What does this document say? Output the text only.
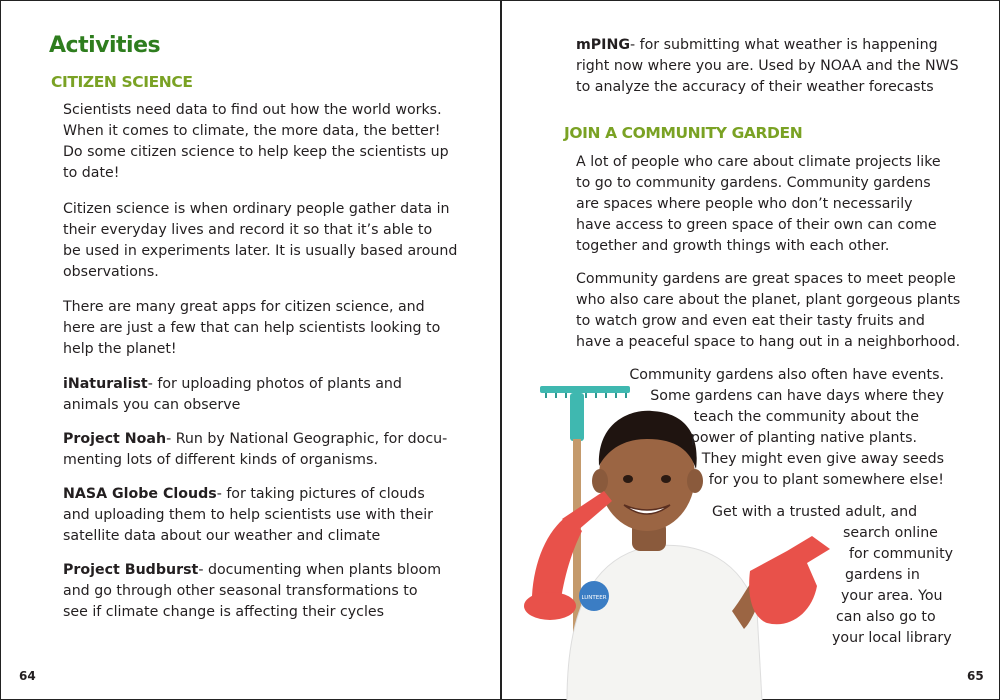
Activities
CITIZEN SCIENCE
Scientists need data to find out how the world works.
When it comes to climate, the more data, the better!
Do some citizen science to help keep the scientists up
to date!
Citizen science is when ordinary people gather data in
their everyday lives and record it so that it’s able to
be used in experiments later. It is usually based around
observations.
There are many great apps for citizen science, and
here are just a few that can help scientists looking to
help the planet!
iNaturalist- for uploading photos of plants and
animals you can observe
Project Noah- Run by National Geographic, for docu-
menting lots of different kinds of organisms.
NASA Globe Clouds- for taking pictures of clouds
and uploading them to help scientists use with their
satellite data about our weather and climate
Project Budburst- documenting when plants bloom
and go through other seasonal transformations to
see if climate change is affecting their cycles
64
mPING- for submitting what weather is happening
right now where you are. Used by NOAA and the NWS
to analyze the accuracy of their weather forecasts
JOIN A COMMUNITY GARDEN
A lot of people who care about climate projects like
to go to community gardens. Community gardens
are spaces where people who don’t necessarily
have access to green space of their own can come
together and growth things with each other.
Community gardens are great spaces to meet people
who also care about the planet, plant gorgeous plants
to watch grow and even eat their tasty fruits and
have a peaceful space to hang out in a neighborhood.
LUNTEER
Community gardens also often have events.
Some gardens can have days where they
teach the community about the
power of planting native plants.
They might even give away seeds
for you to plant somewhere else!
Get with a trusted adult, and
search online
for community
gardens in
your area. You
can also go to
your local library
65
